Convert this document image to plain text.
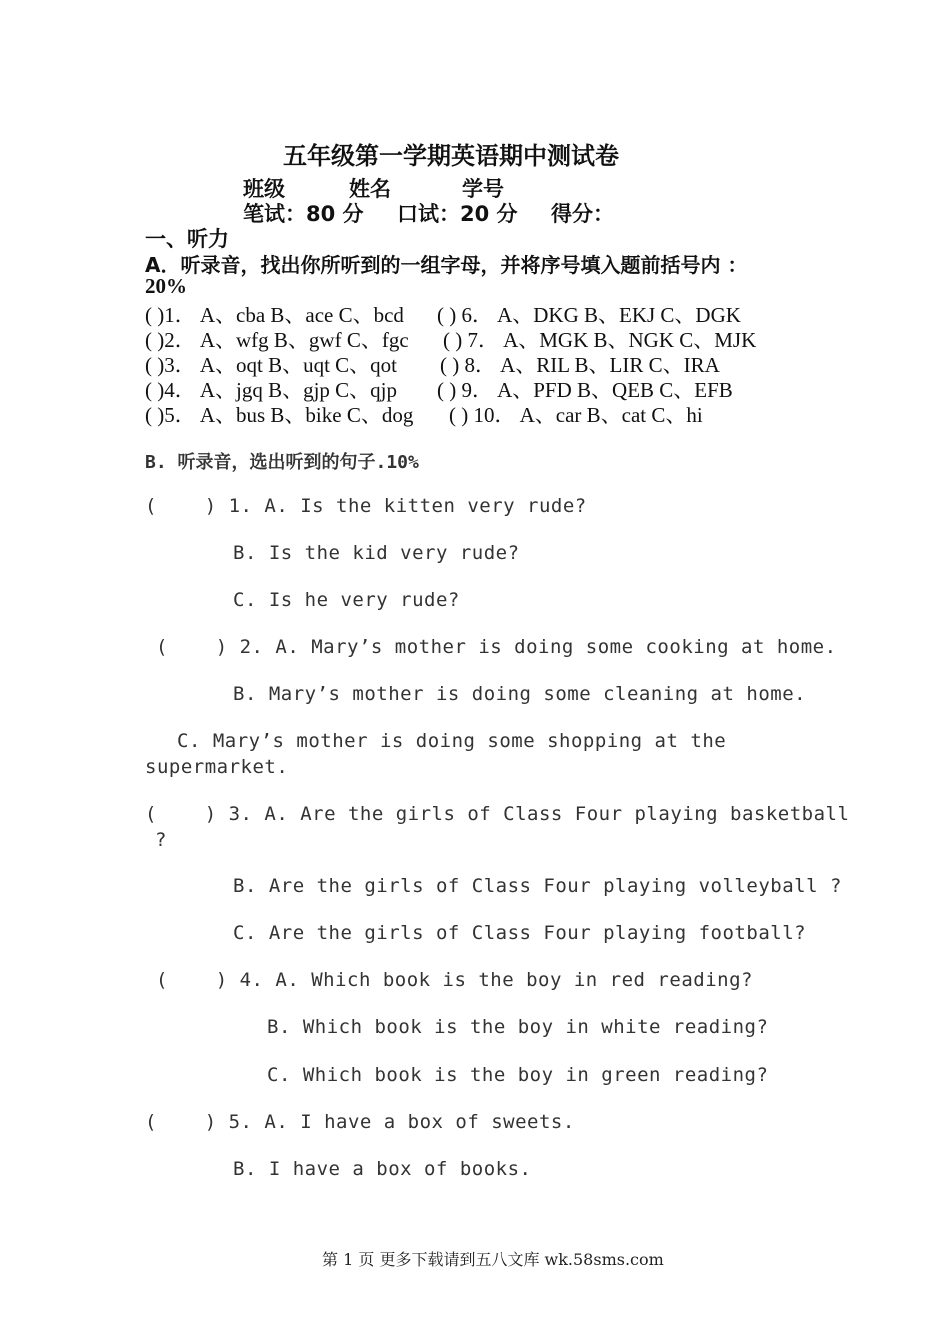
五年级第一学期英语期中测试卷
班级	姓名	学号
笔试：80 分 口试：20 分 得分：
一、听力
A．听录音，找出你所听到的一组字母，并将序号填入题前括号内 ：
20%
( )1． A、cba B、ace C、bcd ( ) 6． A、DKG B、EKJ C、DGK
( )2． A、wfg B、gwf C、fgc ( ) 7． A、MGK B、NGK C、MJK
( )3． A、oqt B、uqt C、qot ( ) 8． A、RIL B、LIR C、IRA
( )4． A、jgq B、gjp C、qjp ( ) 9． A、PFD B、QEB C、EFB
( )5． A、bus B、bike C、dog ( ) 10． A、car B、cat C、hi
B. 听录音，选出听到的句子.10%
(    ) 1. A. Is the kitten very rude?
B. Is the kid very rude?
C. Is he very rude?
(    ) 2. A. Mary’s mother is doing some cooking at home.
B. Mary’s mother is doing some cleaning at home.
C. Mary’s mother is doing some shopping at the
supermarket.
(    ) 3. A. Are the girls of Class Four playing basketball
?
B. Are the girls of Class Four playing volleyball ?
C. Are the girls of Class Four playing football?
(    ) 4. A. Which book is the boy in red reading?
B. Which book is the boy in white reading?
C. Which book is the boy in green reading?
(    ) 5. A. I have a box of sweets.
B. I have a box of books.
第 1 页 更多下载请到五八文库 wk.58sms.com
